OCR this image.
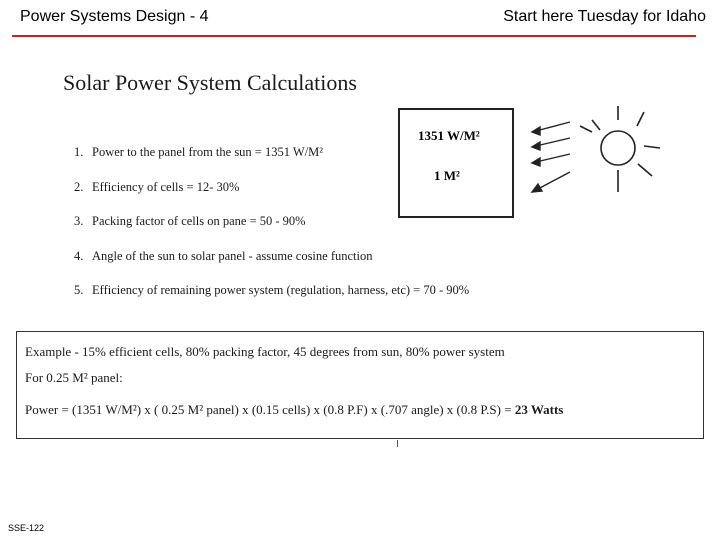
Power Systems Design - 4	Start here Tuesday for Idaho
Solar Power System Calculations
1. Power to the panel from the sun = 1351 W/M²
2. Efficiency of cells = 12- 30%
3. Packing factor of cells on pane = 50 - 90%
4. Angle of the sun to solar panel - assume cosine function
5. Efficiency of remaining power system (regulation, harness, etc) = 70 - 90%
1351 W/M²
1 M²
Example - 15% efficient cells, 80% packing factor, 45 degrees from sun, 80% power system
For 0.25 M² panel:
Power = (1351 W/M²) x ( 0.25 M² panel) x (0.15 cells) x (0.8 P.F) x (.707 angle) x (0.8 P.S) = 23 Watts
SSE-122
